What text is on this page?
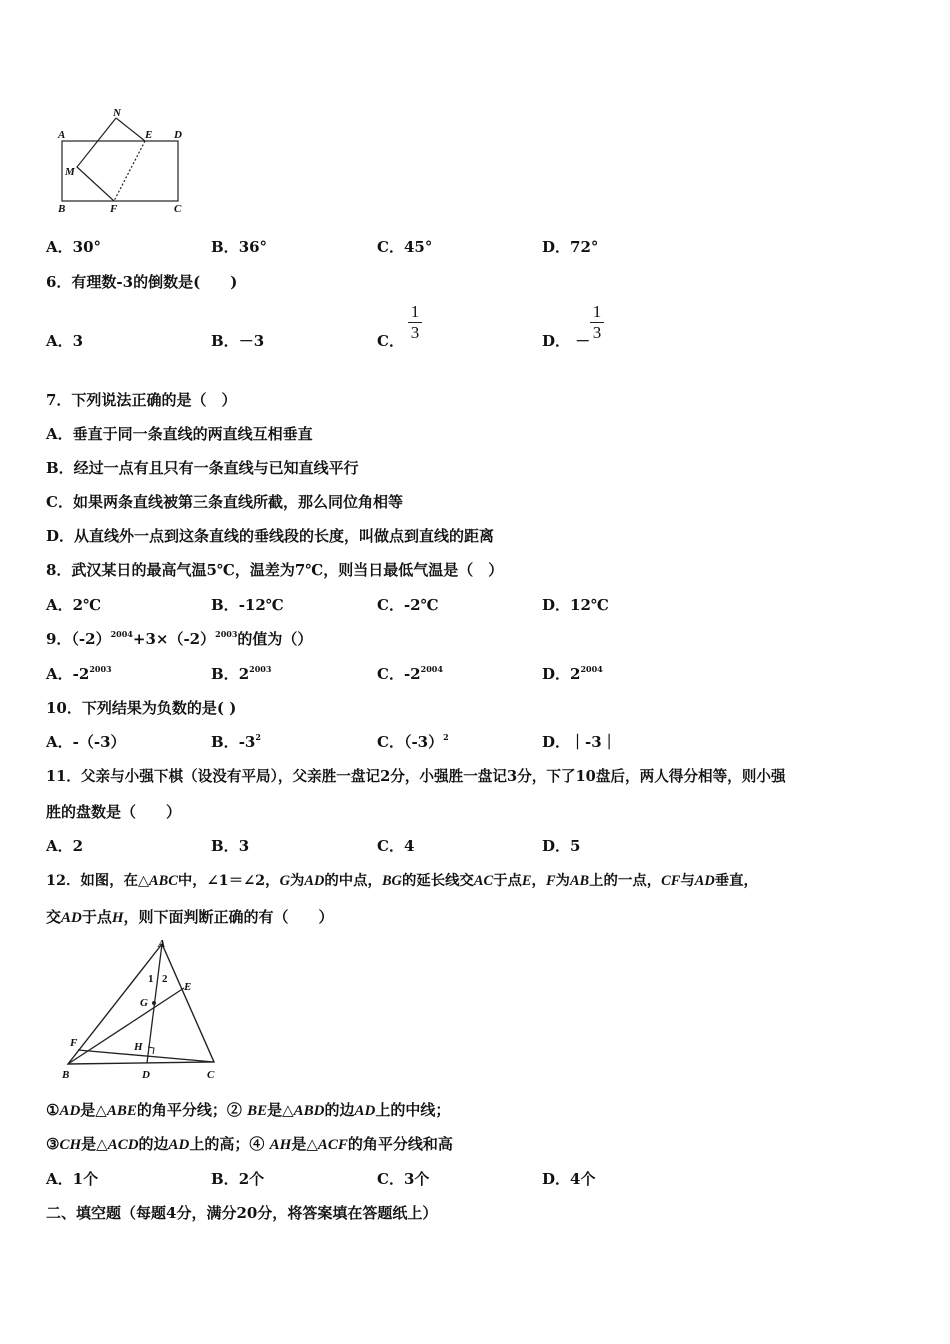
A
N
E D
M
B	F	C
A．30°	B．36°	C．45°	D．72°
6．有理数-3的倒数是(　　)
A．3	B．－3	C．
1
3	D． －
1
3
7．下列说法正确的是（　）
A．垂直于同一条直线的两直线互相垂直
B．经过一点有且只有一条直线与已知直线平行
C．如果两条直线被第三条直线所截，那么同位角相等
D．从直线外一点到这条直线的垂线段的长度，叫做点到直线的距离
8．武汉某日的最高气温5℃，温差为7℃，则当日最低气温是（　）
A．2℃	B．-12℃	C．-2℃	D．12℃
9．$(-2)^{2004}+3\times(-2)^{2003}$的值为（）
A．$-2^{2003}$	B．$2^{2003}$	C．$-2^{2004}$	D．$2^{2004}$
10．下列结果为负数的是( )
A．-（-3）	B．$-3^2$	C．$(-3)^2$	D．｜-3｜
11．父亲与小强下棋（设没有平局），父亲胜一盘记2分，小强胜一盘记3分，下了10盘后，两人得分相等，则小强
胜的盘数是（　　）
A．2	B．3	C．4	D．5
12．如图，在△ABC中，∠1＝∠2，G为AD的中点，BG的延长线交AC于点E，F为AB上的一点，CF与AD垂直，
交AD于点H，则下面判断正确的有（　　）
A
1 2
E
G
F	H
B	D	C
①AD是△ABE的角平分线；② BE是△ABD的边AD上的中线；
③CH是△ACD的边AD上的高；④ AH是△ACF的角平分线和高
A．1个	B．2个	C．3个	D．4个
二、填空题（每题4分，满分20分，将答案填在答题纸上）
